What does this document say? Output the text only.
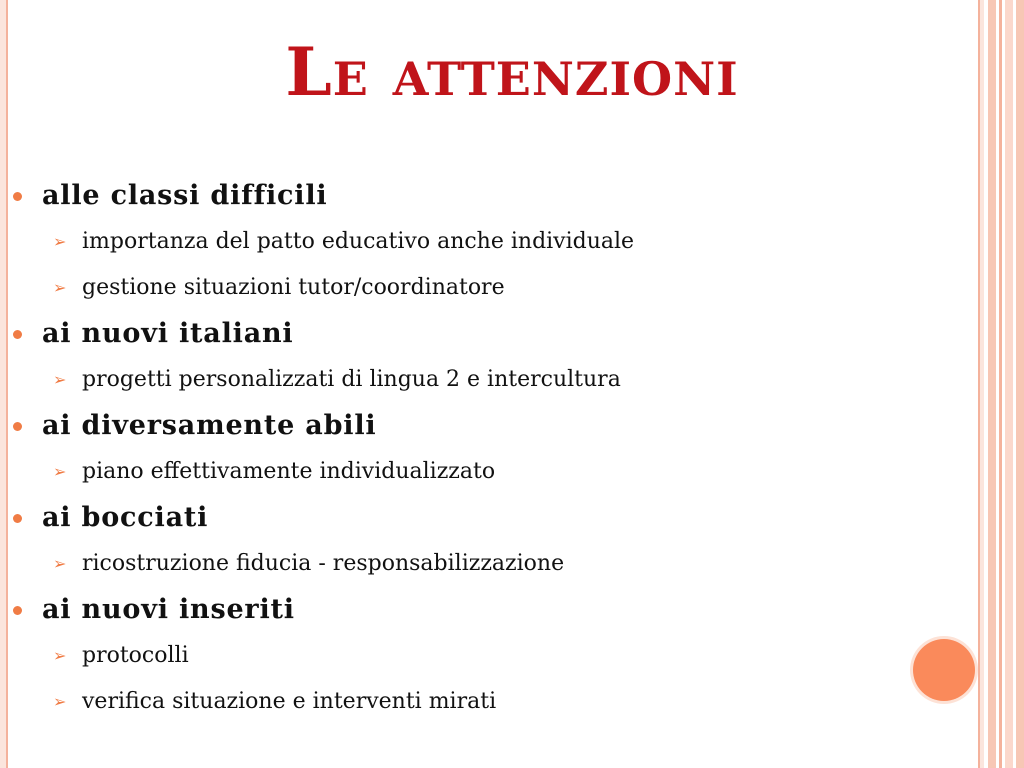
Le attenzioni
alle classi difficili
➢ importanza del patto educativo anche individuale
➢ gestione situazioni tutor/coordinatore
ai nuovi italiani
➢ progetti personalizzati di lingua 2 e intercultura
ai diversamente abili
➢ piano effettivamente individualizzato
ai bocciati
➢ ricostruzione fiducia - responsabilizzazione
ai nuovi inseriti
➢ protocolli
➢ verifica situazione e interventi mirati
